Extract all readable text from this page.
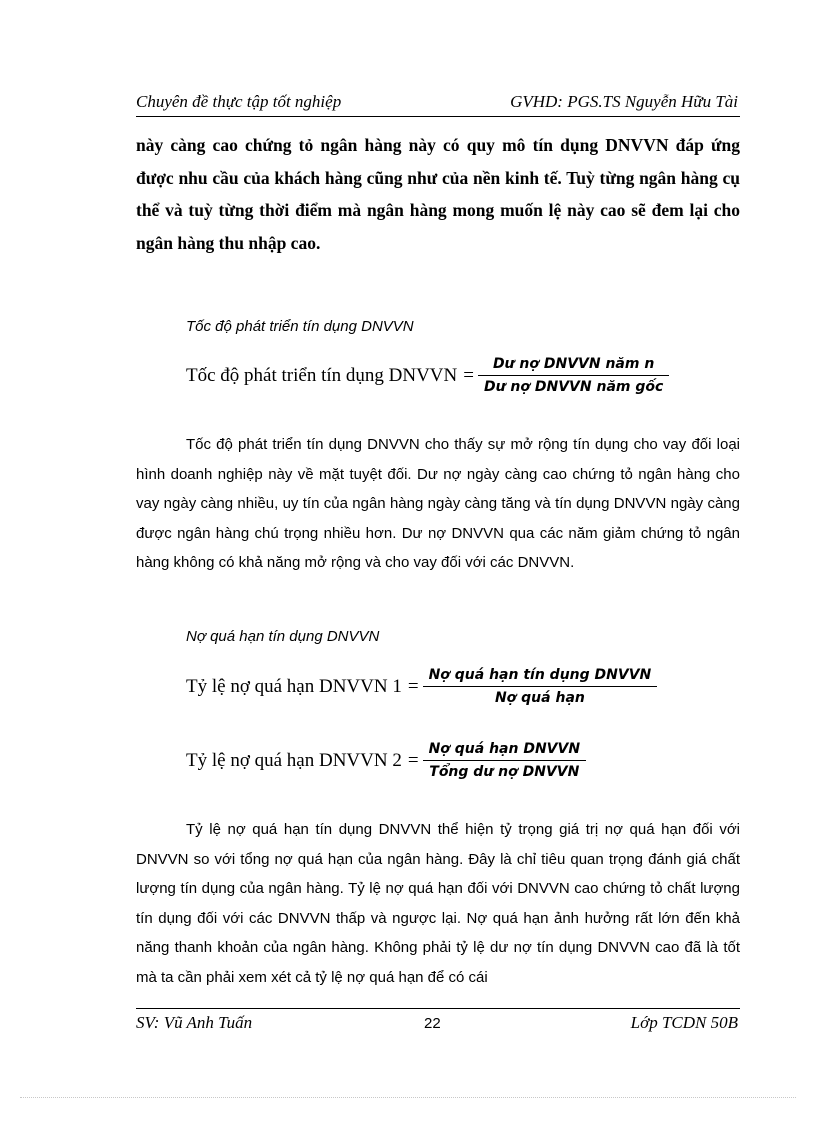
Chuyên đề thực tập tốt nghiệp	GVHD: PGS.TS Nguyễn Hữu Tài
này càng cao chứng tỏ ngân hàng này có quy mô tín dụng DNVVN đáp ứng được nhu cầu của khách hàng cũng như của nền kinh tế. Tuỳ từng ngân hàng cụ thể và tuỳ từng thời điểm mà ngân hàng mong muốn lệ này cao sẽ đem lại cho ngân hàng thu nhập cao.
Tốc độ phát triển tín dụng DNVVN
Tốc độ phát triển tín dụng DNVVN = $\frac{\text{Dư nợ DNVVN năm n}}{\text{Dư nợ DNVVN năm gốc}}$

Tốc độ phát triển tín dụng DNVVN cho thấy sự mở rộng tín dụng cho vay đối loại hình doanh nghiệp này về mặt tuyệt đối. Dư nợ ngày càng cao chứng tỏ ngân hàng cho vay ngày càng nhiều, uy tín của ngân hàng ngày càng tăng và tín dụng DNVVN ngày càng được ngân hàng chú trọng nhiều hơn. Dư nợ DNVVN qua các năm giảm chứng tỏ ngân hàng không có khả năng mở rộng và cho vay đối với các DNVVN.

Nợ quá hạn tín dụng DNVVN
Tỷ lệ nợ quá hạn DNVVN $1 = \frac{\text{Nợ quá hạn tín dụng DNVVN}}{\text{Nợ quá hạn}}$
Tỷ lệ nợ quá hạn DNVVN $2 = \frac{\text{Nợ quá hạn DNVVN}}{\text{Tổng dư nợ DNVVN}}$

Tỷ lệ nợ quá hạn tín dụng DNVVN thể hiện tỷ trọng giá trị nợ quá hạn đối với DNVVN so với tổng nợ quá hạn của ngân hàng. Đây là chỉ tiêu quan trọng đánh giá chất lượng tín dụng của ngân hàng. Tỷ lệ nợ quá hạn đối với DNVVN cao chứng tỏ chất lượng tín dụng đối với các DNVVN thấp và ngược lại. Nợ quá hạn ảnh hưởng rất lớn đến khả năng thanh khoản của ngân hàng. Không phải tỷ lệ dư nợ tín dụng DNVVN cao đã là tốt mà ta cần phải xem xét cả tỷ lệ nợ quá hạn để có cái

SV: Vũ Anh Tuấn	22	Lớp TCDN 50B
